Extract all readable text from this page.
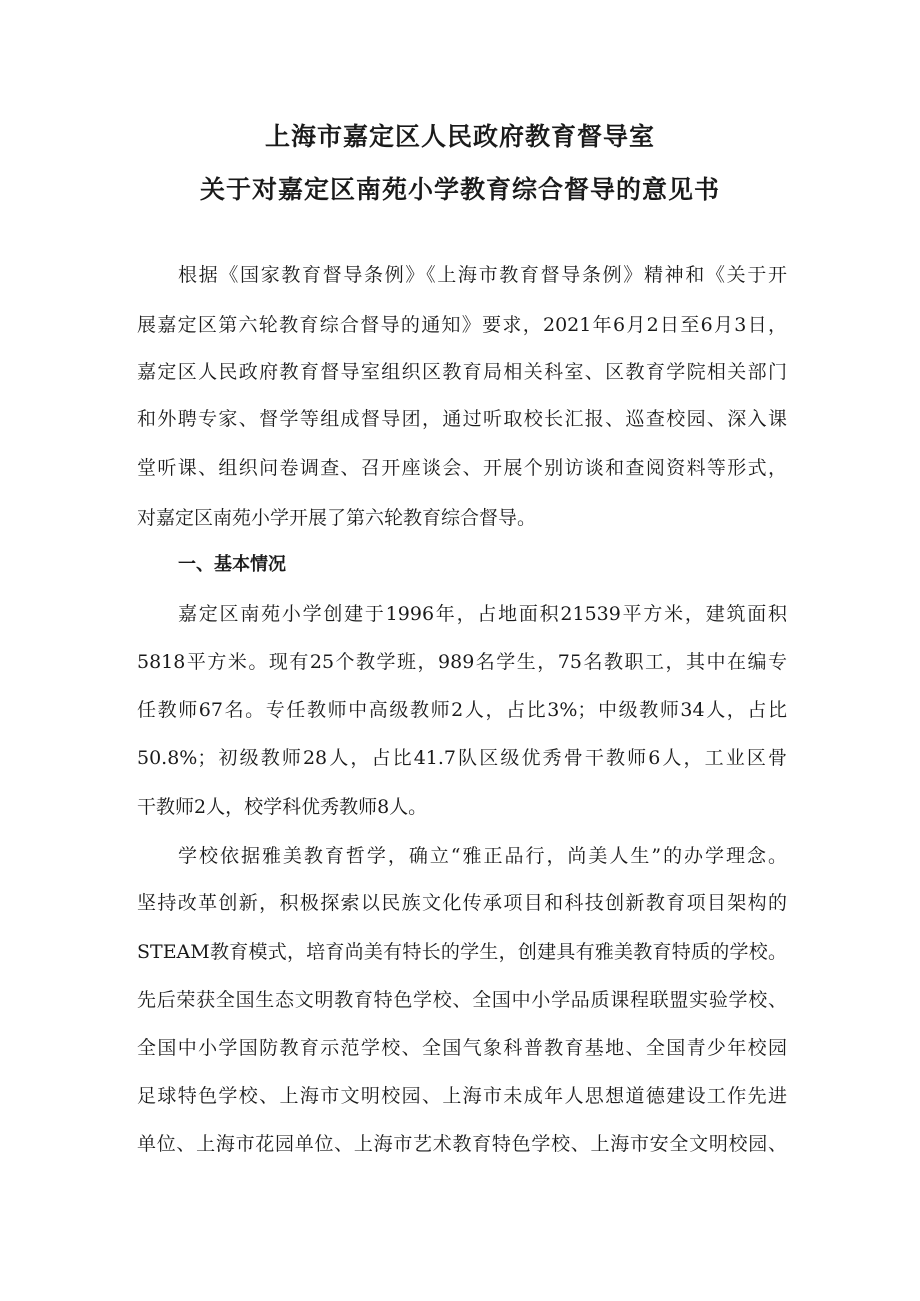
上海市嘉定区人民政府教育督导室
关于对嘉定区南苑小学教育综合督导的意见书
根据《国家教育督导条例》《上海市教育督导条例》精神和《关于开
展嘉定区第六轮教育综合督导的通知》要求，2021年6月2日至6月3日，
嘉定区人民政府教育督导室组织区教育局相关科室、区教育学院相关部门
和外聘专家、督学等组成督导团，通过听取校长汇报、巡查校园、深入课
堂听课、组织问卷调查、召开座谈会、开展个别访谈和查阅资料等形式，
对嘉定区南苑小学开展了第六轮教育综合督导。
一、基本情况
嘉定区南苑小学创建于1996年，占地面积21539平方米，建筑面积
5818平方米。现有25个教学班，989名学生，75名教职工，其中在编专
任教师67名。专任教师中高级教师2人，占比3%；中级教师34人，占比
50.8%；初级教师28人，占比41.7队区级优秀骨干教师6人，工业区骨
干教师2人，校学科优秀教师8人。
学校依据雅美教育哲学，确立“雅正品行，尚美人生”的办学理念。
坚持改革创新，积极探索以民族文化传承项目和科技创新教育项目架构的
STEAM教育模式，培育尚美有特长的学生，创建具有雅美教育特质的学校。
先后荣获全国生态文明教育特色学校、全国中小学品质课程联盟实验学校、
全国中小学国防教育示范学校、全国气象科普教育基地、全国青少年校园
足球特色学校、上海市文明校园、上海市未成年人思想道德建设工作先进
单位、上海市花园单位、上海市艺术教育特色学校、上海市安全文明校园、
